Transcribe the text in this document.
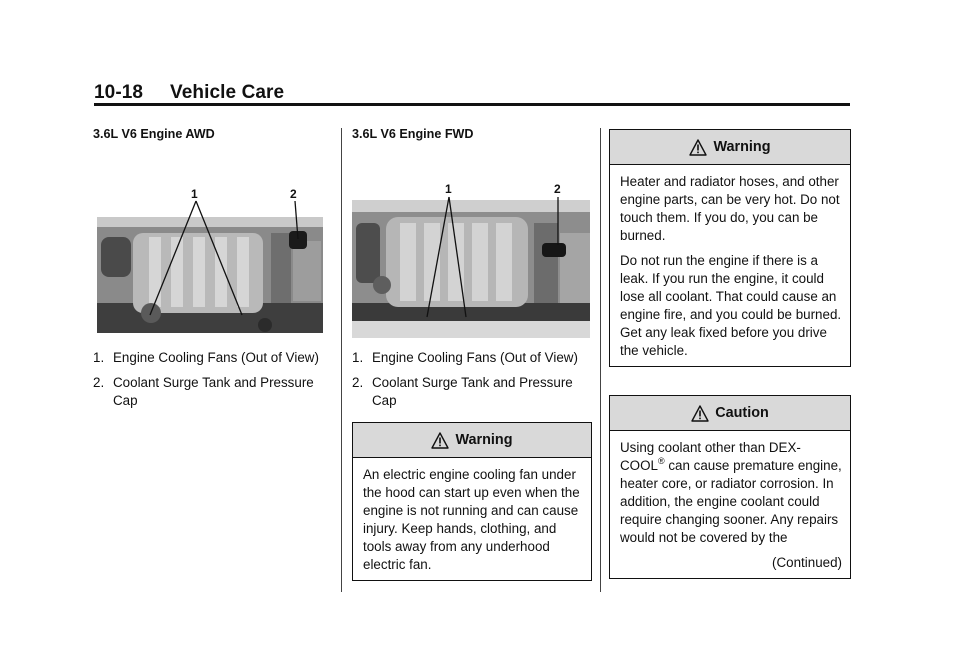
10-18 Vehicle Care

3.6L V6 Engine AWD

1	2
1. Engine Cooling Fans (Out of View)
2. Coolant Surge Tank and Pressure Cap

3.6L V6 Engine FWD

1	2
1. Engine Cooling Fans (Out of View)
2. Coolant Surge Tank and Pressure Cap
Warning

An electric engine cooling fan under the hood can start up even when the engine is not running and can cause injury. Keep hands, clothing, and tools away from any underhood electric fan.

Warning

Heater and radiator hoses, and other engine parts, can be very hot. Do not touch them. If you do, you can be burned.

Do not run the engine if there is a leak. If you run the engine, it could lose all coolant. That could cause an engine fire, and you could be burned. Get any leak fixed before you drive the vehicle.

Caution

Using coolant other than DEX-COOL® can cause premature engine, heater core, or radiator corrosion. In addition, the engine coolant could require changing sooner. Any repairs would not be covered by the

(Continued)
